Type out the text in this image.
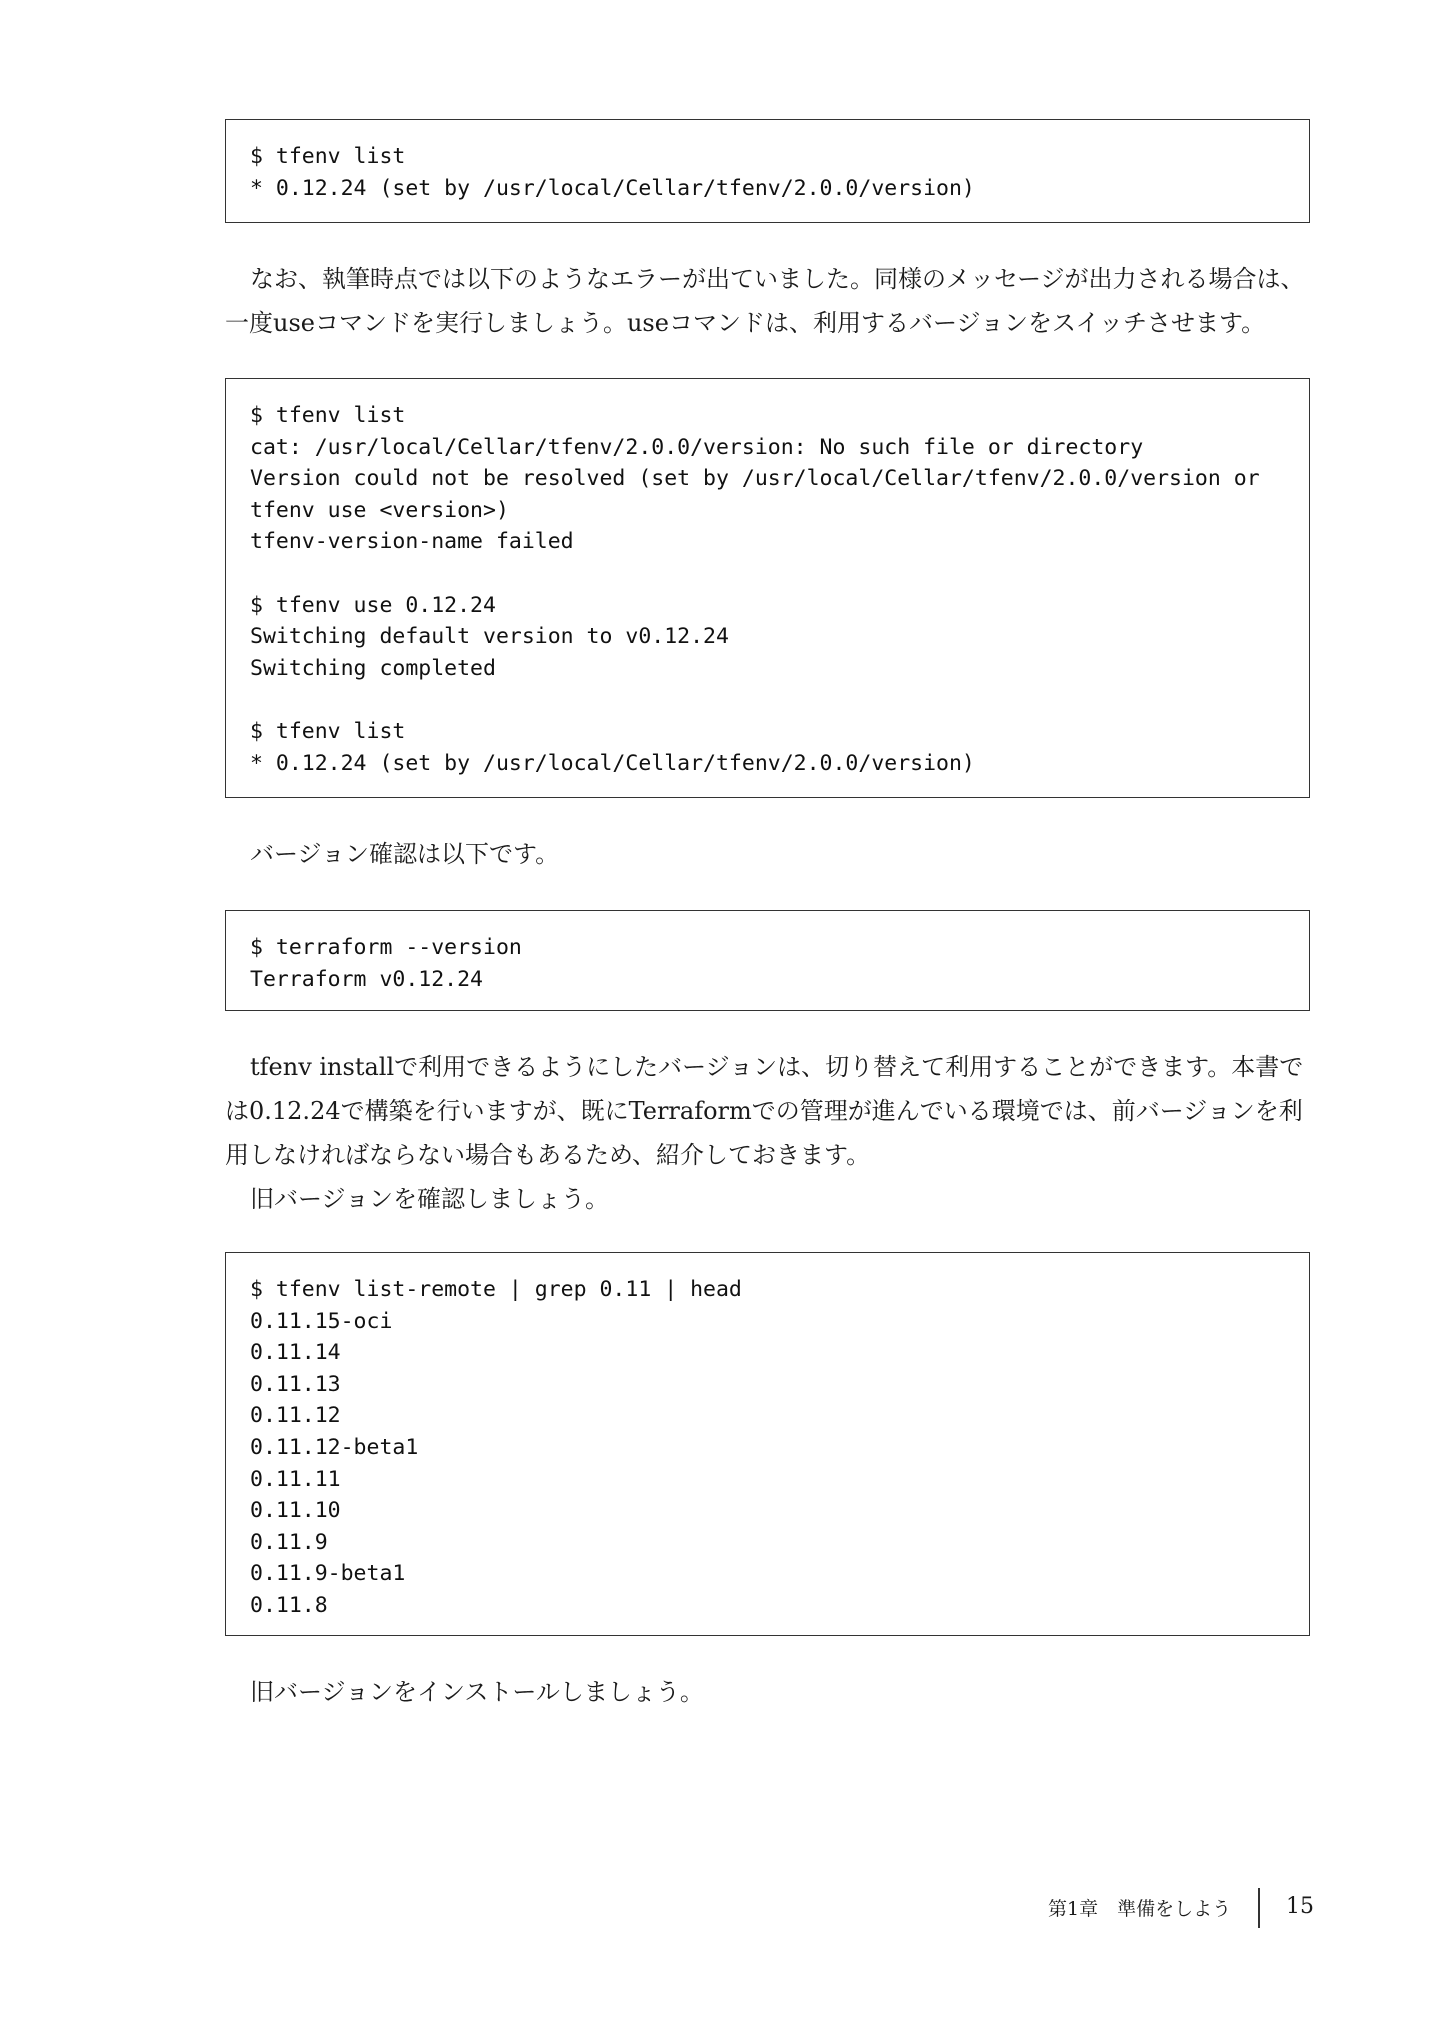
$ tfenv list
* 0.12.24 (set by /usr/local/Cellar/tfenv/2.0.0/version)
なお、執筆時点では以下のようなエラーが出ていました。同様のメッセージが出力される場合は、
一度useコマンドを実行しましょう。useコマンドは、利用するバージョンをスイッチさせます。
$ tfenv list
cat: /usr/local/Cellar/tfenv/2.0.0/version: No such file or directory
Version could not be resolved (set by /usr/local/Cellar/tfenv/2.0.0/version or
tfenv use <version>)
tfenv-version-name failed
$ tfenv use 0.12.24
Switching default version to v0.12.24
Switching completed
$ tfenv list
* 0.12.24 (set by /usr/local/Cellar/tfenv/2.0.0/version)
バージョン確認は以下です。
$ terraform --version
Terraform v0.12.24
tfenv installで利用できるようにしたバージョンは、切り替えて利用することができます。本書で
は0.12.24で構築を行いますが、既にTerraformでの管理が進んでいる環境では、前バージョンを利
用しなければならない場合もあるため、紹介しておきます。
旧バージョンを確認しましょう。
$ tfenv list-remote | grep 0.11 | head
0.11.15-oci
0.11.14
0.11.13
0.11.12
0.11.12-beta1
0.11.11
0.11.10
0.11.9
0.11.9-beta1
0.11.8
旧バージョンをインストールしましょう。
第1章　準備をしよう 15
